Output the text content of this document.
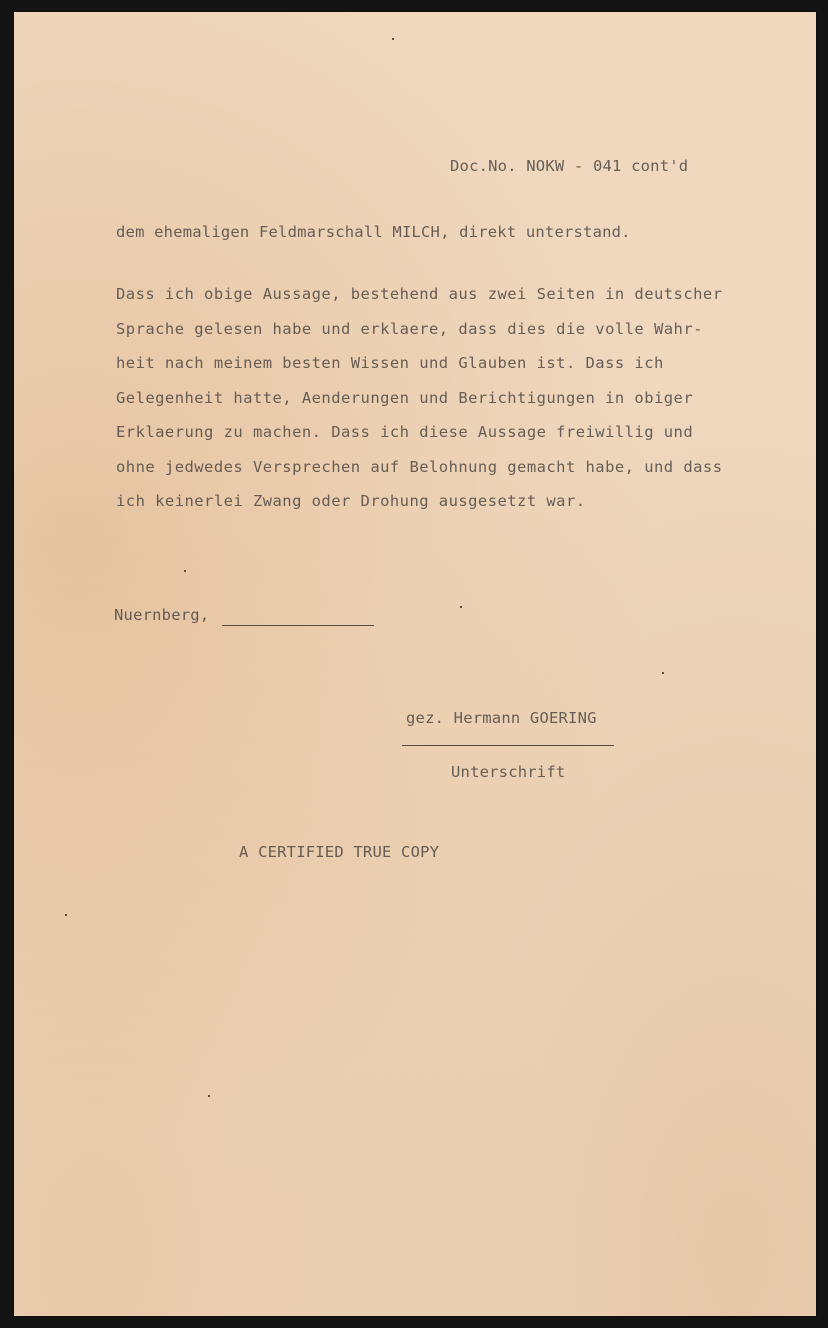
Doc.No. NOKW - 041 cont'd
dem ehemaligen Feldmarschall MILCH, direkt unterstand.
Dass ich obige Aussage, bestehend aus zwei Seiten in deutscher
Sprache gelesen habe und erklaere, dass dies die volle Wahr-
heit nach meinem besten Wissen und Glauben ist. Dass ich
Gelegenheit hatte, Aenderungen und Berichtigungen in obiger
Erklaerung zu machen. Dass ich diese Aussage freiwillig und
ohne jedwedes Versprechen auf Belohnung gemacht habe, und dass
ich keinerlei Zwang oder Drohung ausgesetzt war.
Nuernberg,
gez. Hermann GOERING
Unterschrift
A CERTIFIED TRUE COPY
